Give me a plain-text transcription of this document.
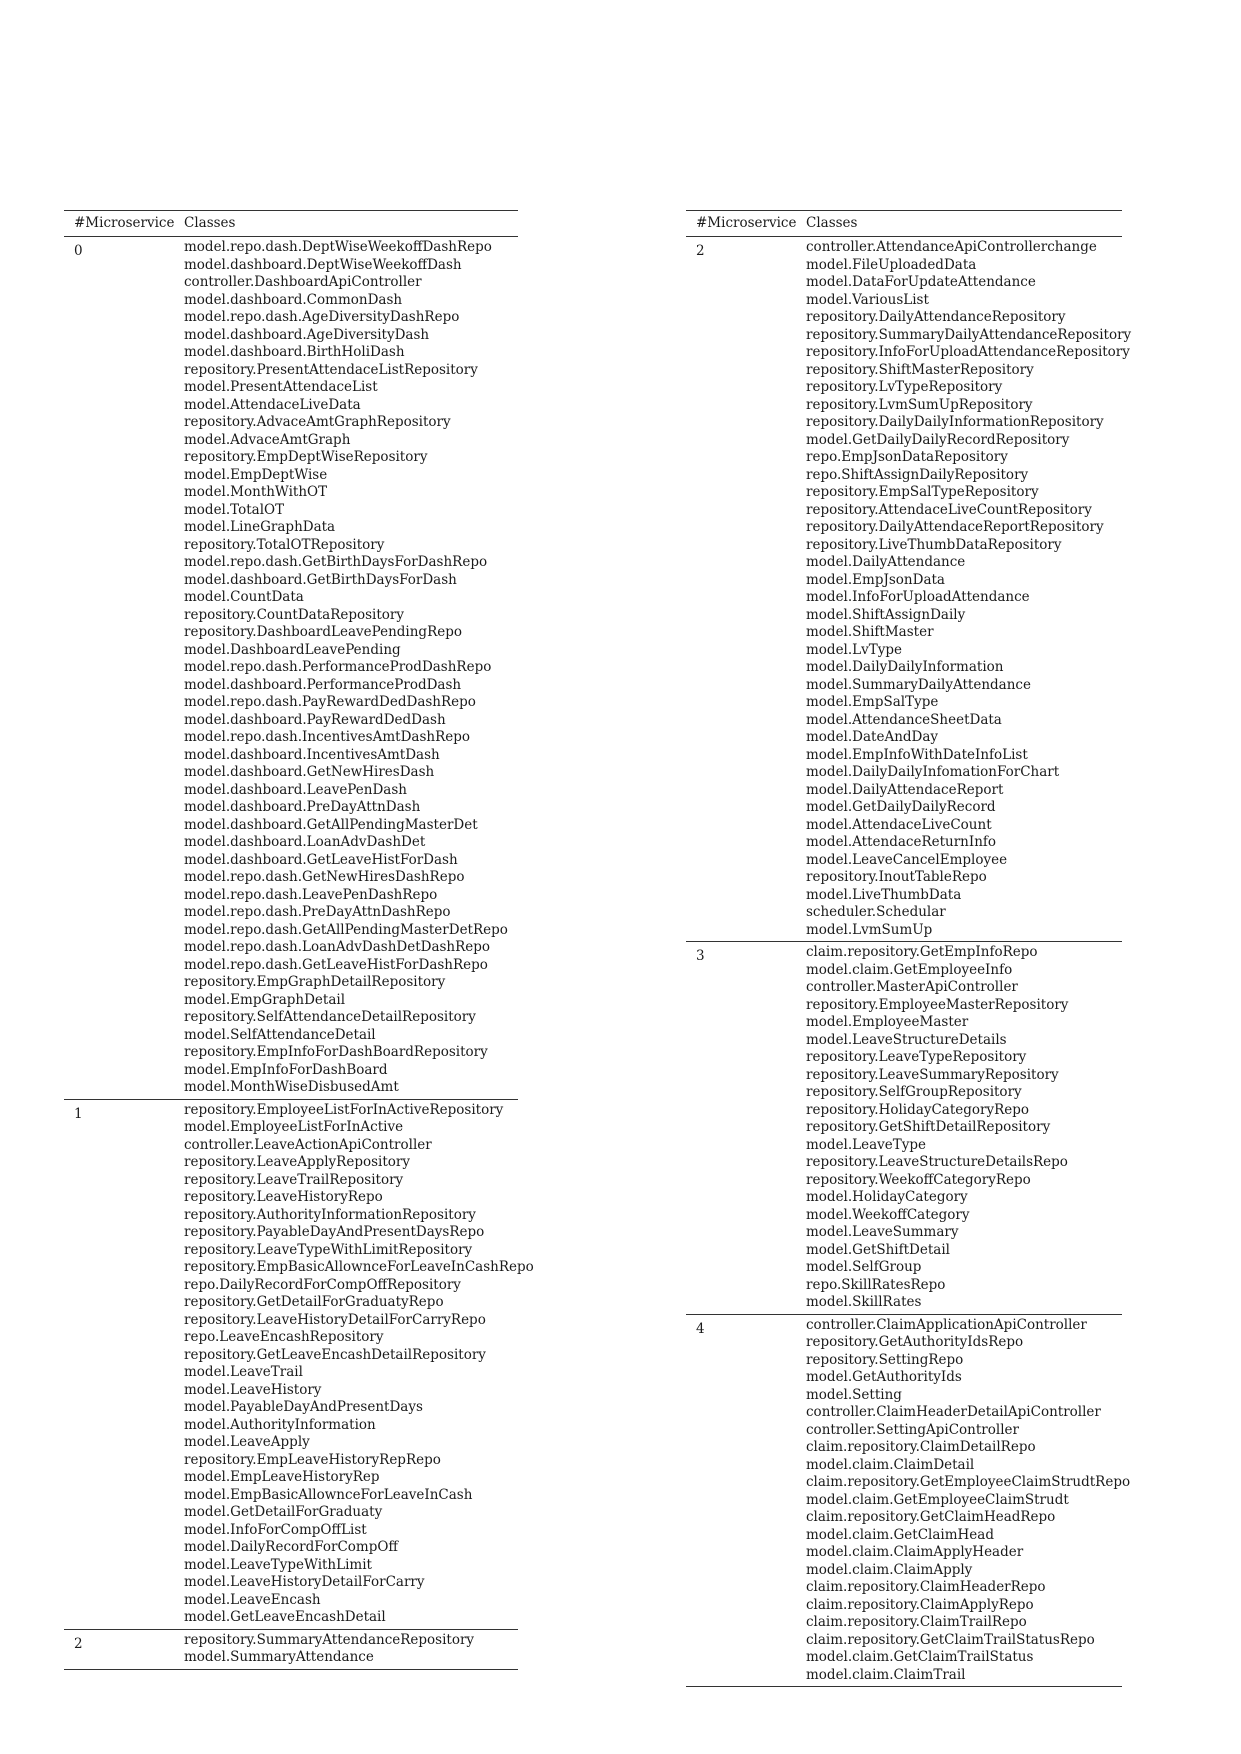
#Microservice Classes
0	model.repo.dash.DeptWiseWeekoffDashRepo
model.dashboard.DeptWiseWeekoffDash
controller.DashboardApiController
model.dashboard.CommonDash
model.repo.dash.AgeDiversityDashRepo
model.dashboard.AgeDiversityDash
model.dashboard.BirthHoliDash
repository.PresentAttendaceListRepository
model.PresentAttendaceList
model.AttendaceLiveData
repository.AdvaceAmtGraphRepository
model.AdvaceAmtGraph
repository.EmpDeptWiseRepository
model.EmpDeptWise
model.MonthWithOT
model.TotalOT
model.LineGraphData
repository.TotalOTRepository
model.repo.dash.GetBirthDaysForDashRepo
model.dashboard.GetBirthDaysForDash
model.CountData
repository.CountDataRepository
repository.DashboardLeavePendingRepo
model.DashboardLeavePending
model.repo.dash.PerformanceProdDashRepo
model.dashboard.PerformanceProdDash
model.repo.dash.PayRewardDedDashRepo
model.dashboard.PayRewardDedDash
model.repo.dash.IncentivesAmtDashRepo
model.dashboard.IncentivesAmtDash
model.dashboard.GetNewHiresDash
model.dashboard.LeavePenDash
model.dashboard.PreDayAttnDash
model.dashboard.GetAllPendingMasterDet
model.dashboard.LoanAdvDashDet
model.dashboard.GetLeaveHistForDash
model.repo.dash.GetNewHiresDashRepo
model.repo.dash.LeavePenDashRepo
model.repo.dash.PreDayAttnDashRepo
model.repo.dash.GetAllPendingMasterDetRepo
model.repo.dash.LoanAdvDashDetDashRepo
model.repo.dash.GetLeaveHistForDashRepo
repository.EmpGraphDetailRepository
model.EmpGraphDetail
repository.SelfAttendanceDetailRepository
model.SelfAttendanceDetail
repository.EmpInfoForDashBoardRepository
model.EmpInfoForDashBoard
model.MonthWiseDisbusedAmt
1	repository.EmployeeListForInActiveRepository
model.EmployeeListForInActive
controller.LeaveActionApiController
repository.LeaveApplyRepository
repository.LeaveTrailRepository
repository.LeaveHistoryRepo
repository.AuthorityInformationRepository
repository.PayableDayAndPresentDaysRepo
repository.LeaveTypeWithLimitRepository
repository.EmpBasicAllownceForLeaveInCashRepo
repo.DailyRecordForCompOffRepository
repository.GetDetailForGraduatyRepo
repository.LeaveHistoryDetailForCarryRepo
repo.LeaveEncashRepository
repository.GetLeaveEncashDetailRepository
model.LeaveTrail
model.LeaveHistory
model.PayableDayAndPresentDays
model.AuthorityInformation
model.LeaveApply
repository.EmpLeaveHistoryRepRepo
model.EmpLeaveHistoryRep
model.EmpBasicAllownceForLeaveInCash
model.GetDetailForGraduaty
model.InfoForCompOffList
model.DailyRecordForCompOff
model.LeaveTypeWithLimit
model.LeaveHistoryDetailForCarry
model.LeaveEncash
model.GetLeaveEncashDetail
2	repository.SummaryAttendanceRepository
model.SummaryAttendance
#Microservice Classes
2	controller.AttendanceApiControllerchange
model.FileUploadedData
model.DataForUpdateAttendance
model.VariousList
repository.DailyAttendanceRepository
repository.SummaryDailyAttendanceRepository
repository.InfoForUploadAttendanceRepository
repository.ShiftMasterRepository
repository.LvTypeRepository
repository.LvmSumUpRepository
repository.DailyDailyInformationRepository
model.GetDailyDailyRecordRepository
repo.EmpJsonDataRepository
repo.ShiftAssignDailyRepository
repository.EmpSalTypeRepository
repository.AttendaceLiveCountRepository
repository.DailyAttendaceReportRepository
repository.LiveThumbDataRepository
model.DailyAttendance
model.EmpJsonData
model.InfoForUploadAttendance
model.ShiftAssignDaily
model.ShiftMaster
model.LvType
model.DailyDailyInformation
model.SummaryDailyAttendance
model.EmpSalType
model.AttendanceSheetData
model.DateAndDay
model.EmpInfoWithDateInfoList
model.DailyDailyInfomationForChart
model.DailyAttendaceReport
model.GetDailyDailyRecord
model.AttendaceLiveCount
model.AttendaceReturnInfo
model.LeaveCancelEmployee
repository.InoutTableRepo
model.LiveThumbData
scheduler.Schedular
model.LvmSumUp
3	claim.repository.GetEmpInfoRepo
model.claim.GetEmployeeInfo
controller.MasterApiController
repository.EmployeeMasterRepository
model.EmployeeMaster
model.LeaveStructureDetails
repository.LeaveTypeRepository
repository.LeaveSummaryRepository
repository.SelfGroupRepository
repository.HolidayCategoryRepo
repository.GetShiftDetailRepository
model.LeaveType
repository.LeaveStructureDetailsRepo
repository.WeekoffCategoryRepo
model.HolidayCategory
model.WeekoffCategory
model.LeaveSummary
model.GetShiftDetail
model.SelfGroup
repo.SkillRatesRepo
model.SkillRates
4	controller.ClaimApplicationApiController
repository.GetAuthorityIdsRepo
repository.SettingRepo
model.GetAuthorityIds
model.Setting
controller.ClaimHeaderDetailApiController
controller.SettingApiController
claim.repository.ClaimDetailRepo
model.claim.ClaimDetail
claim.repository.GetEmployeeClaimStrudtRepo
model.claim.GetEmployeeClaimStrudt
claim.repository.GetClaimHeadRepo
model.claim.GetClaimHead
model.claim.ClaimApplyHeader
model.claim.ClaimApply
claim.repository.ClaimHeaderRepo
claim.repository.ClaimApplyRepo
claim.repository.ClaimTrailRepo
claim.repository.GetClaimTrailStatusRepo
model.claim.GetClaimTrailStatus
model.claim.ClaimTrail
